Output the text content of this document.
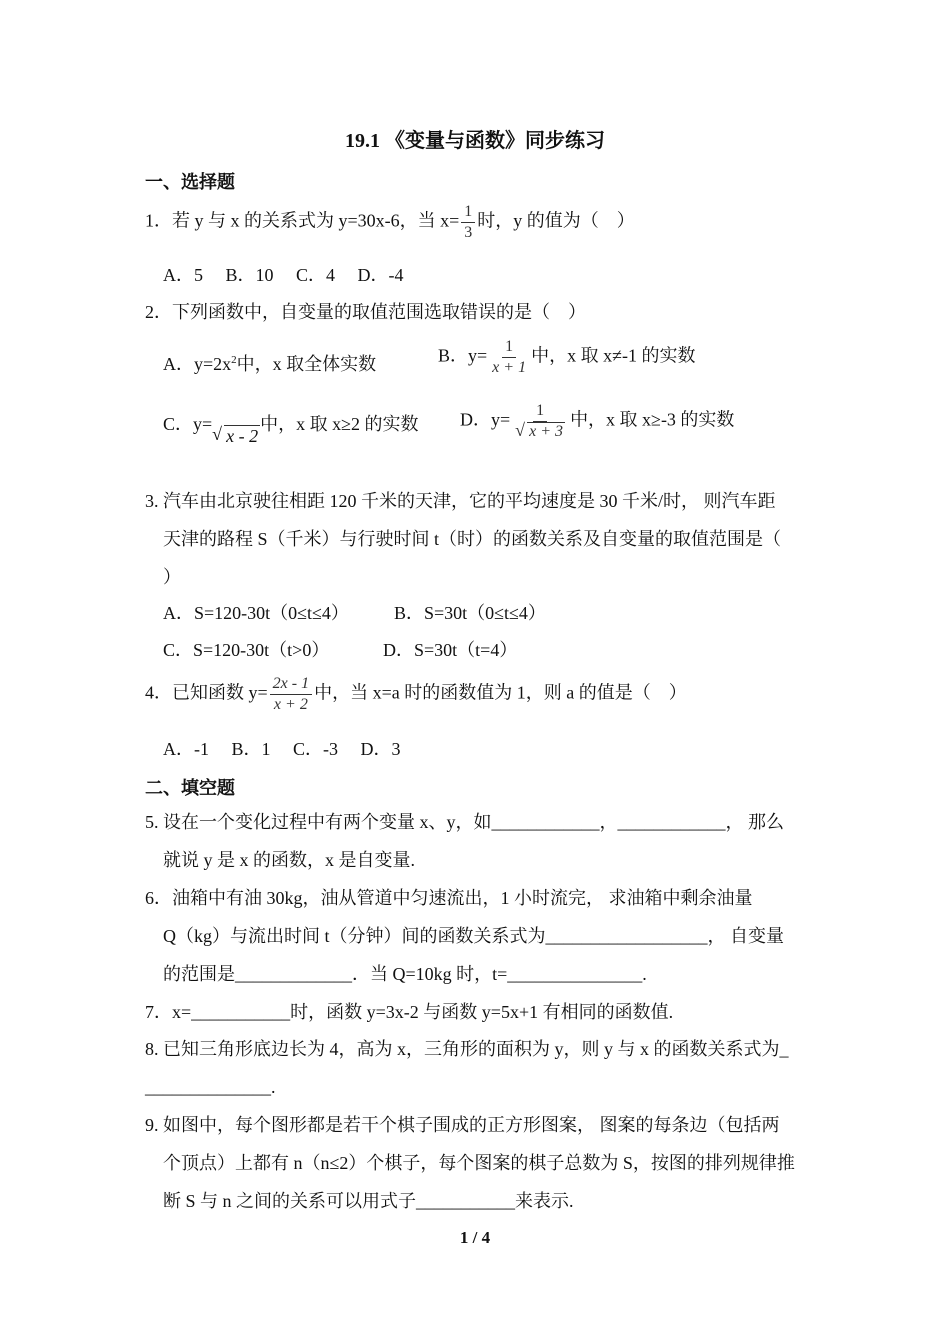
19.1 《变量与函数》同步练习
一、选择题
1．若 y 与 x 的关系式为 y=30x-6，当 $x= \frac{1}{3}$ 时，y 的值为（　）
A．5　 B．10　 C．4　 D．-4
2．下列函数中，自变量的取值范围选取错误的是（　）
A．$y=2x^2$中，x 取全体实数	B．$y= \frac{1}{x + 1}$ 中，x 取 x≠-1 的实数
C．y=√ x - 2中，x 取 x≥2 的实数 D．y= 1
√ x + 3 中，x 取 x≥-3 的实数
3. 汽车由北京驶往相距 120 千米的天津，它的平均速度是 30 千米/时， 则汽车距
天津的路程 S（千米）与行驶时间 t（时）的函数关系及自变量的取值范围是（
）
A．S=120-30t（0≤t≤4）	B．S=30t（0≤t≤4）
C．S=120-30t（t>0）	D．S=30t（t=4）
4．已知函数 $y= \frac{2x - 1}{x + 2}$ 中，当 x=a 时的函数值为 1，则 a 的值是（　）
A．-1　 B．1　 C．-3　 D．3
二、填空题
5. 设在一个变化过程中有两个变量 x、y，如____________，____________， 那么
就说 y 是 x 的函数，x 是自变量.
6．油箱中有油 30kg，油从管道中匀速流出，1 小时流完， 求油箱中剩余油量
Q（kg）与流出时间 t（分钟）间的函数关系式为__________________， 自变量
的范围是_____________．当 Q=10kg 时，t=_______________.
7．x=___________时，函数 y=3x-2 与函数 y=5x+1 有相同的函数值.
8. 已知三角形底边长为 4，高为 x，三角形的面积为 y，则 y 与 x 的函数关系式为_
______________.
9. 如图中，每个图形都是若干个棋子围成的正方形图案， 图案的每条边（包括两
个顶点）上都有 n（n≤2）个棋子，每个图案的棋子总数为 S，按图的排列规律推
断 S 与 n 之间的关系可以用式子___________来表示.
1 / 4
